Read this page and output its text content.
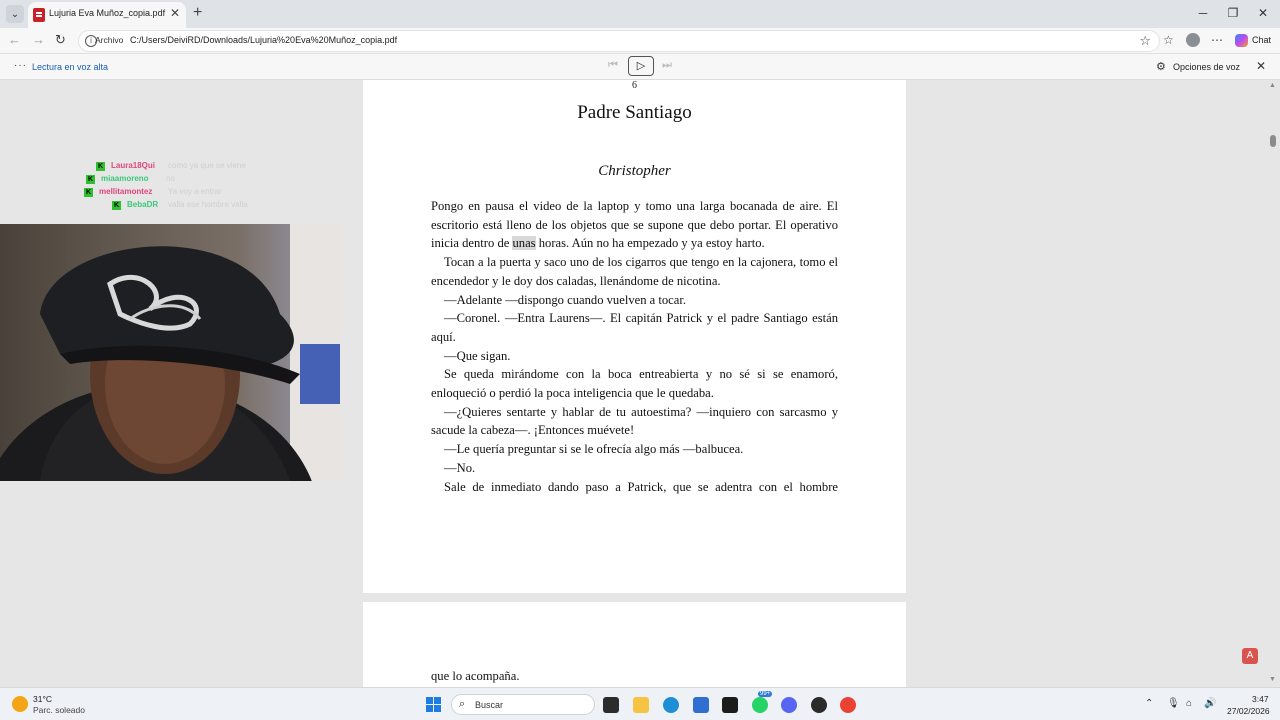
⌄	Lujuria Eva Muñoz_copia.pdf ✕ +	─ ❐ ✕
← → ↻	i Archivo C:/Users/DeiviRD/Downloads/Lujuria%20Eva%20Muñoz_copia.pdf	☆ ☆	⋯	Chat
··· Lectura en voz alta	⏮	▷	⏭	⚙ Opciones de voz ✕
6
Padre Santiago
Christopher

Pongo en pausa el video de la laptop y tomo una larga bocanada de aire. El escritorio está lleno de los objetos que se supone que debo portar. El operativo inicia dentro de unas horas. Aún no ha empezado y ya estoy harto.

Tocan a la puerta y saco uno de los cigarros que tengo en la cajonera, tomo el encendedor y le doy dos caladas, llenándome de nicotina.

—Adelante —dispongo cuando vuelven a tocar.

—Coronel. —Entra Laurens—. El capitán Patrick y el padre Santiago están aquí.

—Que sigan.

Se queda mirándome con la boca entreabierta y no sé si se enamoró, enloqueció o perdió la poca inteligencia que le quedaba.

—¿Quieres sentarte y hablar de tu autoestima? —inquiero con sarcasmo y sacude la cabeza—. ¡Entonces muévete!

—Le quería preguntar si se le ofrecía algo más —balbucea.

—No.

Sale de inmediato dando paso a Patrick, que se adentra con el hombre

que lo acompaña.
▲
▼
A
K Laura18Qui como ya que se viene
K miaamoreno no
K mellitamontez Ya voy a entrar
K BebaDR valla ese hombre valla
31°C
Parc. soleado	⌕ Buscar
99+
⌃ 🎙 ⌂ 🔊	3:47
27/02/2026
